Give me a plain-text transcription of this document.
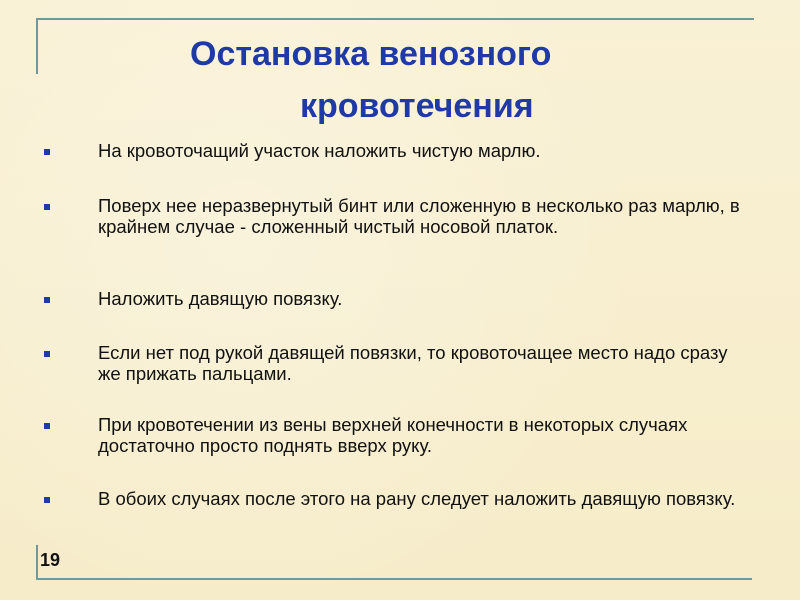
Остановка венозного
кровотечения
На кровоточащий участок наложить чистую марлю.
Поверх нее неразвернутый бинт или сложенную в несколько раз марлю, в крайнем случае - сложенный чистый носовой платок.
Наложить давящую повязку.
Если нет под рукой давящей повязки, то кровоточащее место надо сразу же прижать пальцами.
При кровотечении из вены верхней конечности в некоторых случаях достаточно просто поднять вверх руку.
В обоих случаях после этого на рану следует наложить давящую повязку.
19
